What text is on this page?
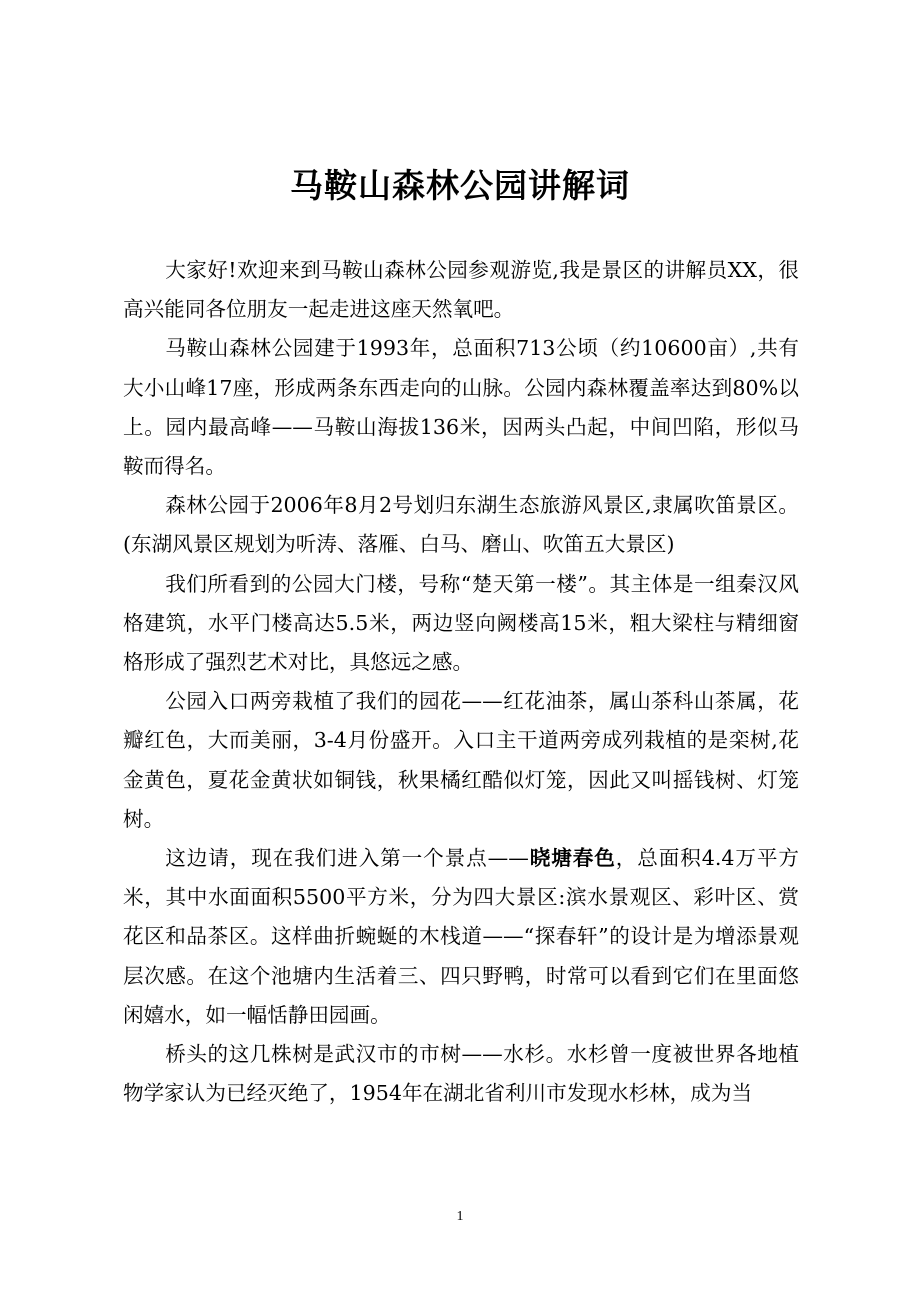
马鞍山森林公园讲解词

大家好!欢迎来到马鞍山森林公园参观游览,我是景区的讲解员XX，很高兴能同各位朋友一起走进这座天然氧吧。

马鞍山森林公园建于1993年，总面积713公顷（约10600亩）,共有大小山峰17座，形成两条东西走向的山脉。公园内森林覆盖率达到80%以上。园内最高峰——马鞍山海拔136米，因两头凸起，中间凹陷，形似马鞍而得名。

森林公园于2006年8月2号划归东湖生态旅游风景区,隶属吹笛景区。(东湖风景区规划为听涛、落雁、白马、磨山、吹笛五大景区)

我们所看到的公园大门楼，号称“楚天第一楼”。其主体是一组秦汉风格建筑，水平门楼高达5.5米，两边竖向阙楼高15米，粗大梁柱与精细窗格形成了强烈艺术对比，具悠远之感。

公园入口两旁栽植了我们的园花——红花油茶，属山茶科山茶属，花瓣红色，大而美丽，3-4月份盛开。入口主干道两旁成列栽植的是栾树,花金黄色，夏花金黄状如铜钱，秋果橘红酷似灯笼，因此又叫摇钱树、灯笼树。

这边请，现在我们进入第一个景点——晓塘春色，总面积4.4万平方米，其中水面面积5500平方米，分为四大景区:滨水景观区、彩叶区、赏花区和品茶区。这样曲折蜿蜒的木栈道——“探春轩”的设计是为增添景观层次感。在这个池塘内生活着三、四只野鸭，时常可以看到它们在里面悠闲嬉水，如一幅恬静田园画。

桥头的这几株树是武汉市的市树——水杉。水杉曾一度被世界各地植物学家认为已经灭绝了，1954年在湖北省利川市发现水杉林，成为当

1
